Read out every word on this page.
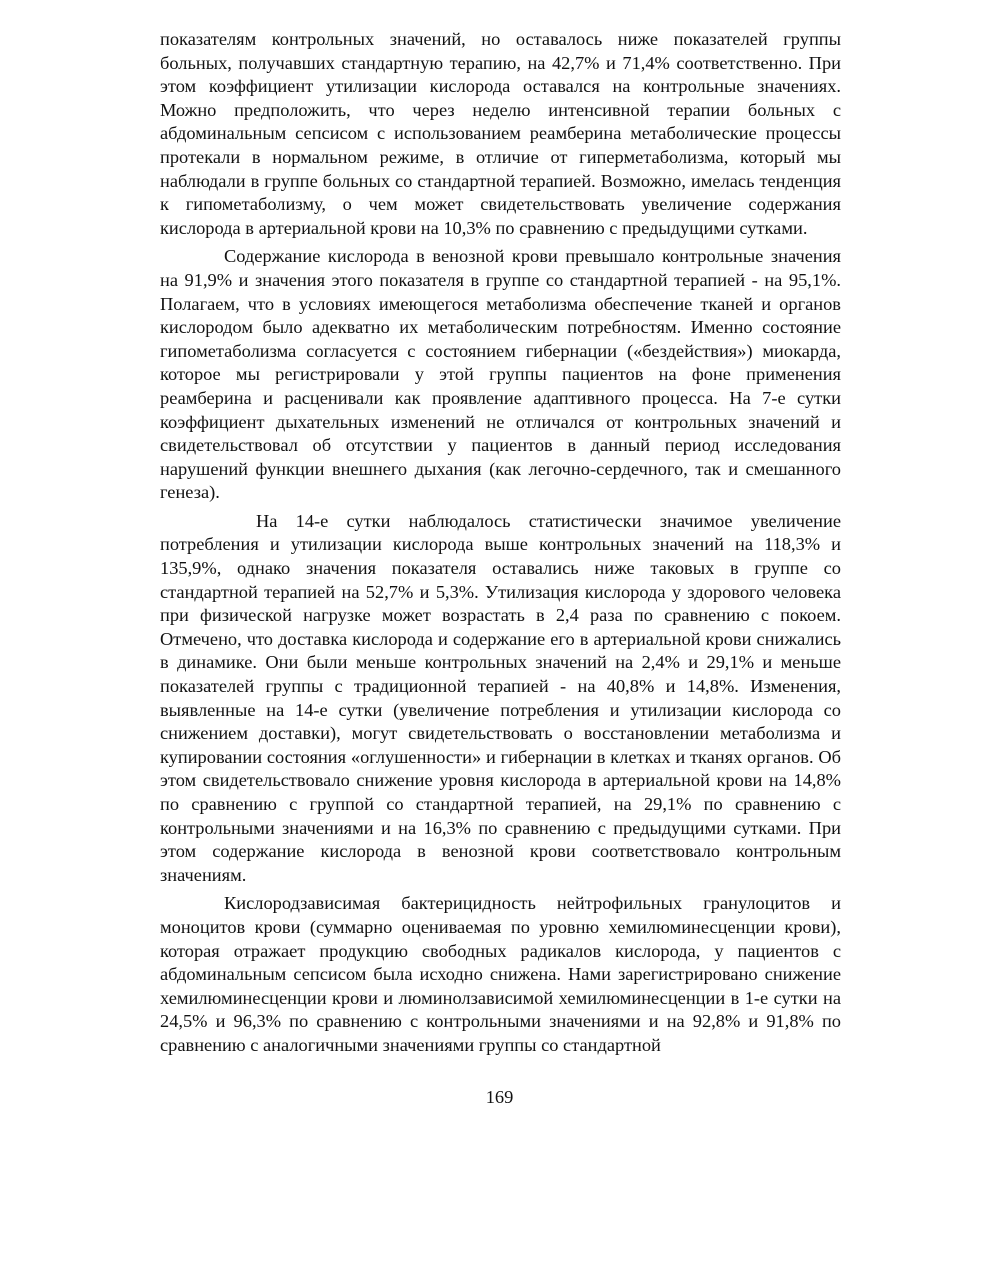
показателям контрольных значений, но оставалось ниже показателей группы больных, получавших стандартную терапию, на 42,7% и 71,4% соответственно. При этом коэффициент утилизации кислорода оставался на контрольные значениях. Можно предположить, что через неделю интенсивной терапии больных с абдоминальным сепсисом с использованием реамберина метаболические процессы протекали в нормальном режиме, в отличие от гиперметаболизма, который мы наблюдали в группе больных со стандартной терапией. Возможно, имелась тенденция к гипометаболизму, о чем может свидетельствовать увеличение содержания кислорода в артериальной крови на 10,3% по сравнению с предыдущими сутками.

Содержание кислорода в венозной крови превышало контрольные значения на 91,9% и значения этого показателя в группе со стандартной терапией - на 95,1%. Полагаем, что в условиях имеющегося метаболизма обеспечение тканей и органов кислородом было адекватно их метаболическим потребностям. Именно состояние гипометаболизма согласуется с состоянием гибернации («бездействия») миокарда, которое мы регистрировали у этой группы пациентов на фоне применения реамберина и расценивали как проявление адаптивного процесса. На 7-е сутки коэффициент дыхательных изменений не отличался от контрольных значений и свидетельствовал об отсутствии у пациентов в данный период исследования нарушений функции внешнего дыхания (как легочно-сердечного, так и смешанного генеза).

На 14-е сутки наблюдалось статистически значимое увеличение потребления и утилизации кислорода выше контрольных значений на 118,3% и 135,9%, однако значения показателя оставались ниже таковых в группе со стандартной терапией на 52,7% и 5,3%. Утилизация кислорода у здорового человека при физической нагрузке может возрастать в 2,4 раза по сравнению с покоем. Отмечено, что доставка кислорода и содержание его в артериальной крови снижались в динамике. Они были меньше контрольных значений на 2,4% и 29,1% и меньше показателей группы с традиционной терапией - на 40,8% и 14,8%. Изменения, выявленные на 14-е сутки (увеличение потребления и утилизации кислорода со снижением доставки), могут свидетельствовать о восстановлении метаболизма и купировании состояния «оглушенности» и гибернации в клетках и тканях органов. Об этом свидетельствовало снижение уровня кислорода в артериальной крови на 14,8% по сравнению с группой со стандартной терапией, на 29,1% по сравнению с контрольными значениями и на 16,3% по сравнению с предыдущими сутками. При этом содержание кислорода в венозной крови соответствовало контрольным значениям.

Кислородзависимая бактерицидность нейтрофильных гранулоцитов и моноцитов крови (суммарно оцениваемая по уровню хемилюминесценции крови), которая отражает продукцию свободных радикалов кислорода, у пациентов с абдоминальным сепсисом была исходно снижена. Нами зарегистрировано снижение хемилюминесценции крови и люминолзависимой хемилюминесценции в 1-е сутки на 24,5% и 96,3% по сравнению с контрольными значениями и на 92,8% и 91,8% по сравнению с аналогичными значениями группы со стандартной

169
